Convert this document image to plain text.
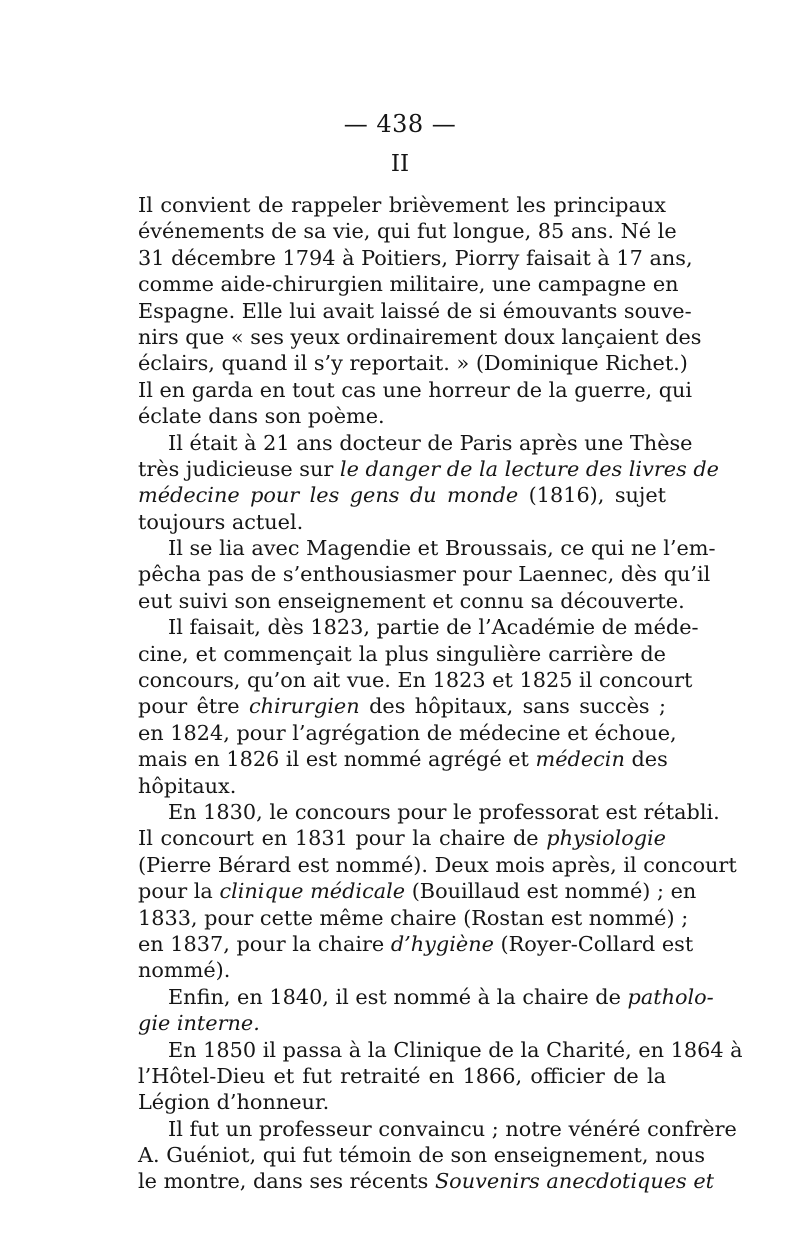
— 438 —
II
Il convient de rappeler brièvement les principaux
événements de sa vie, qui fut longue, 85 ans. Né le
31 décembre 1794 à Poitiers, Piorry faisait à 17 ans,
comme aide-chirurgien militaire, une campagne en
Espagne. Elle lui avait laissé de si émouvants souve-
nirs que « ses yeux ordinairement doux lançaient des
éclairs, quand il s’y reportait. » (Dominique Richet.)
Il en garda en tout cas une horreur de la guerre, qui
éclate dans son poème.
Il était à 21 ans docteur de Paris après une Thèse
très judicieuse sur le danger de la lecture des livres de
médecine pour les gens du monde (1816), sujet
toujours actuel.
Il se lia avec Magendie et Broussais, ce qui ne l’em-
pêcha pas de s’enthousiasmer pour Laennec, dès qu’il
eut suivi son enseignement et connu sa découverte.
Il faisait, dès 1823, partie de l’Académie de méde-
cine, et commençait la plus singulière carrière de
concours, qu’on ait vue. En 1823 et 1825 il concourt
pour être chirurgien des hôpitaux, sans succès ;
en 1824, pour l’agrégation de médecine et échoue,
mais en 1826 il est nommé agrégé et médecin des
hôpitaux.
En 1830, le concours pour le professorat est rétabli.
Il concourt en 1831 pour la chaire de physiologie
(Pierre Bérard est nommé). Deux mois après, il concourt
pour la clinique médicale (Bouillaud est nommé) ; en
1833, pour cette même chaire (Rostan est nommé) ;
en 1837, pour la chaire d’hygiène (Royer-Collard est
nommé).
Enfin, en 1840, il est nommé à la chaire de patholo-
gie interne.
En 1850 il passa à la Clinique de la Charité, en 1864 à
l’Hôtel-Dieu et fut retraité en 1866, officier de la
Légion d’honneur.
Il fut un professeur convaincu ; notre vénéré confrère
A. Guéniot, qui fut témoin de son enseignement, nous
le montre, dans ses récents Souvenirs anecdotiques et
